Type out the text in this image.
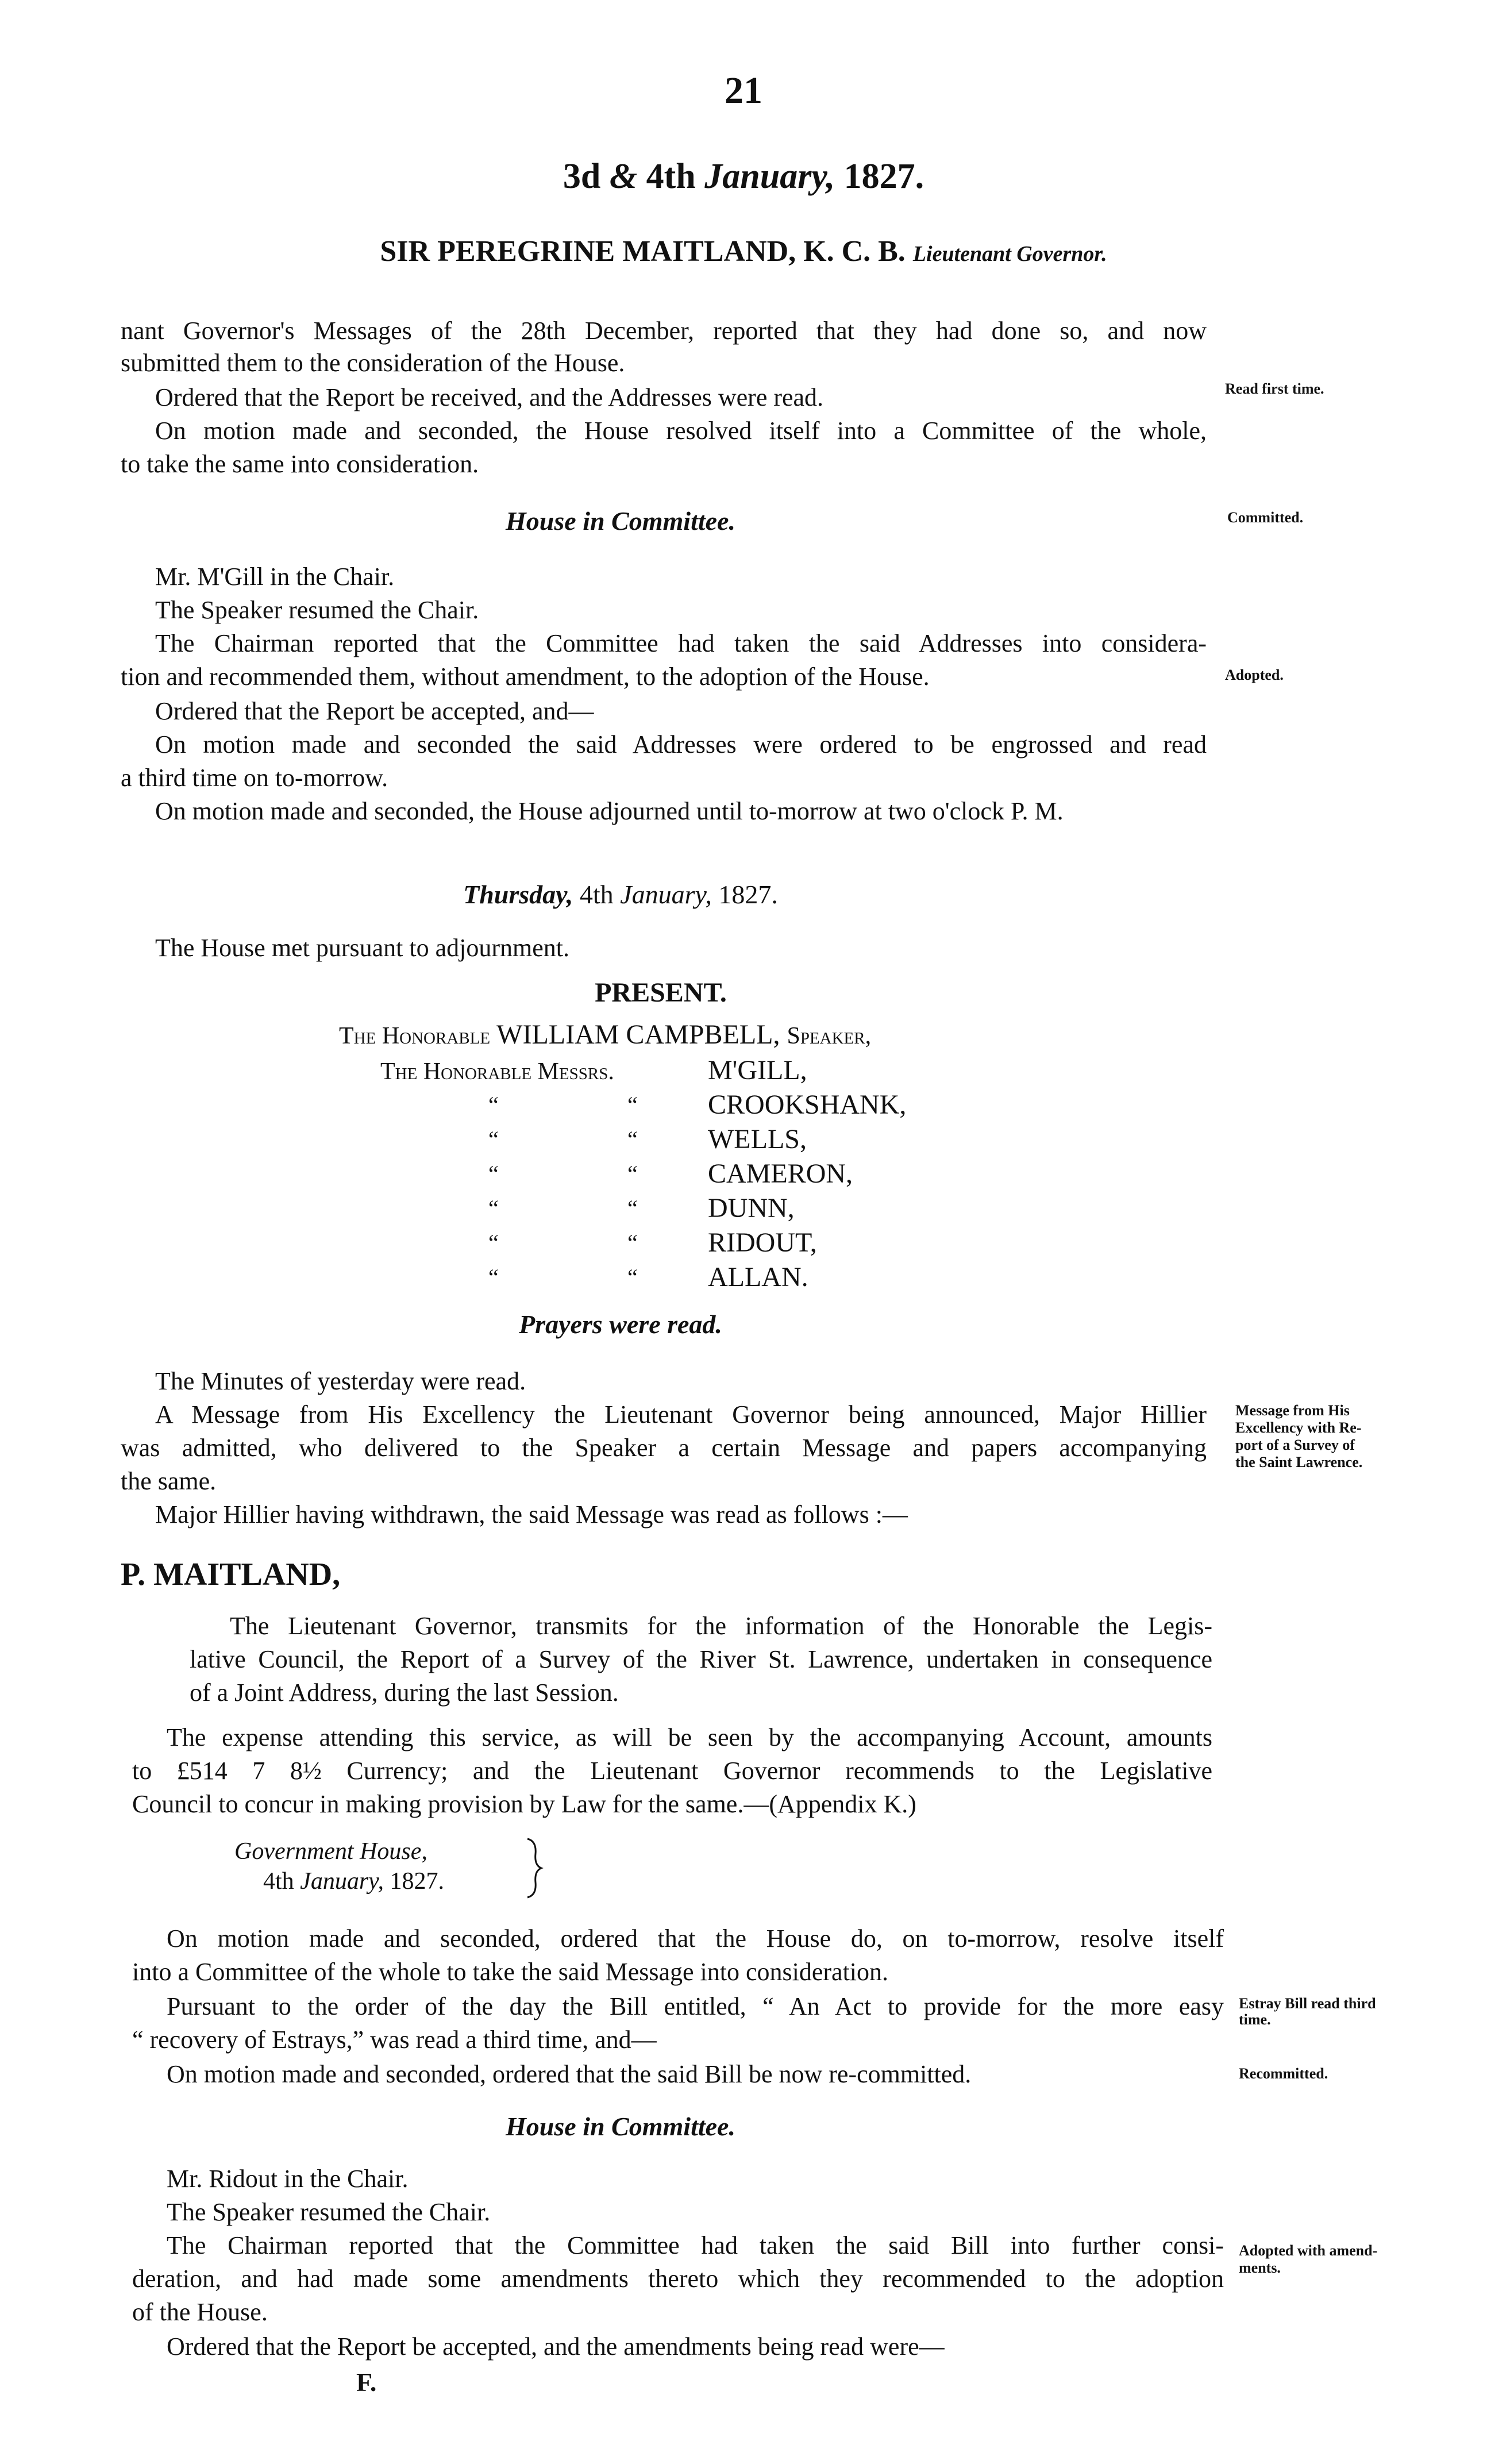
21
3d & 4th January, 1827.
SIR PEREGRINE MAITLAND, K. C. B. Lieutenant Governor.
nant Governor's Messages of the 28th December, reported that they had done so, and now
submitted them to the consideration of the House.
Ordered that the Report be received, and the Addresses were read.
On motion made and seconded, the House resolved itself into a Committee of the whole,
to take the same into consideration.
House in Committee.
Mr. M'Gill in the Chair.
The Speaker resumed the Chair.
The Chairman reported that the Committee had taken the said Addresses into considera-
tion and recommended them, without amendment, to the adoption of the House.
Ordered that the Report be accepted, and—
On motion made and seconded the said Addresses were ordered to be engrossed and read
a third time on to-morrow.
On motion made and seconded, the House adjourned until to-morrow at two o'clock P. M.
Thursday, 4th January, 1827.
The House met pursuant to adjournment.
PRESENT.
The Honorable WILLIAM CAMPBELL, Speaker,
The Honorable Messrs.	M'GILL,
“	“	CROOKSHANK,
“	“	WELLS,
“	“	CAMERON,
“	“	DUNN,
“	“	RIDOUT,
“	“	ALLAN.
Prayers were read.
The Minutes of yesterday were read.
A Message from His Excellency the Lieutenant Governor being announced, Major Hillier
was admitted, who delivered to the Speaker a certain Message and papers accompanying
the same.
Major Hillier having withdrawn, the said Message was read as follows :—
P. MAITLAND,
The Lieutenant Governor, transmits for the information of the Honorable the Legis-
lative Council, the Report of a Survey of the River St. Lawrence, undertaken in consequence
of a Joint Address, during the last Session.
The expense attending this service, as will be seen by the accompanying Account, amounts
to £514 7 8½ Currency; and the Lieutenant Governor recommends to the Legislative
Council to concur in making provision by Law for the same.—(Appendix K.)
Government House,
4th January, 1827.
On motion made and seconded, ordered that the House do, on to-morrow, resolve itself
into a Committee of the whole to take the said Message into consideration.
Pursuant to the order of the day the Bill entitled, “ An Act to provide for the more easy
“ recovery of Estrays,” was read a third time, and—
On motion made and seconded, ordered that the said Bill be now re-committed.
House in Committee.
Mr. Ridout in the Chair.
The Speaker resumed the Chair.
The Chairman reported that the Committee had taken the said Bill into further consi-
deration, and had made some amendments thereto which they recommended to the adoption
of the House.
Ordered that the Report be accepted, and the amendments being read were—
F.
Read first time.
Committed.
Adopted.
Message from His
Excellency with Re-
port of a Survey of
the Saint Lawrence.
Estray Bill read third
time.
Recommitted.
Adopted with amend-
ments.
